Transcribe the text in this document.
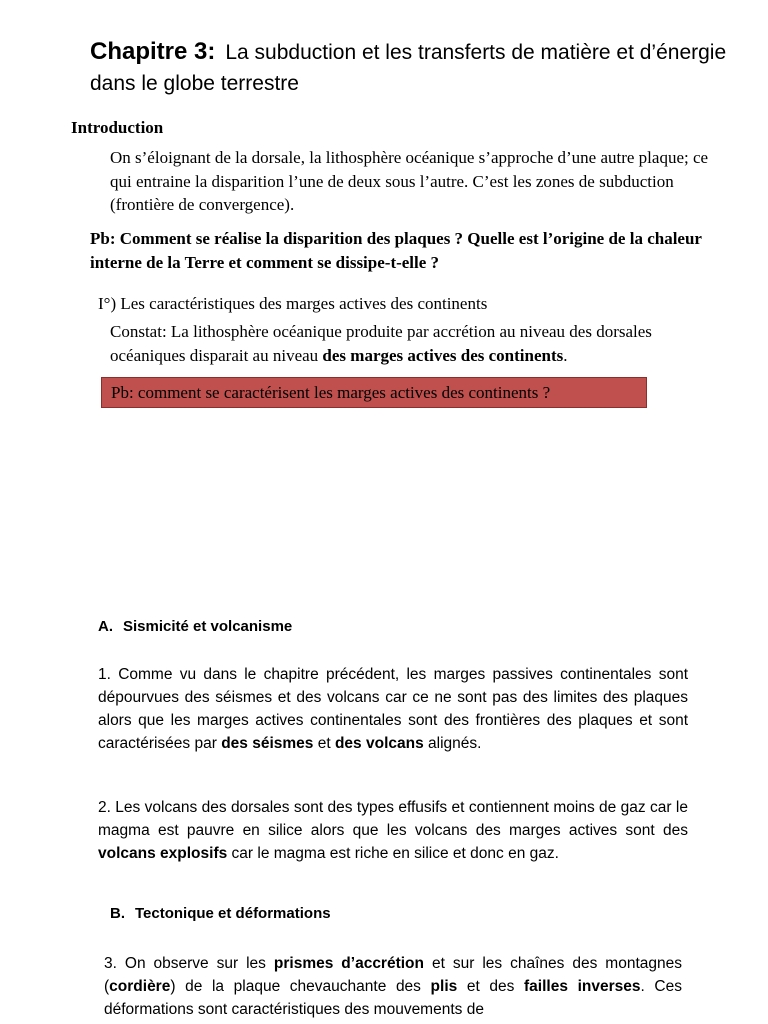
Chapitre 3: La subduction et les transferts de matière et d’énergie dans le globe terrestre
Introduction

On s’éloignant de la dorsale, la lithosphère océanique s’approche d’une autre plaque; ce qui entraine la disparition l’une de deux sous l’autre. C’est les zones de subduction (frontière de convergence).

Pb: Comment se réalise la disparition des plaques ? Quelle est l’origine de la chaleur interne de la Terre et comment se dissipe-t-elle ?

I°) Les caractéristiques des marges actives des continents

Constat: La lithosphère océanique produite par accrétion au niveau des dorsales océaniques disparait au niveau des marges actives des continents.

Pb: comment se caractérisent les marges actives des continents ?

A. Sismicité et volcanisme

1. Comme vu dans le chapitre précédent, les marges passives continentales sont dépourvues des séismes et des volcans car ce ne sont pas des limites des plaques alors que les marges actives continentales sont des frontières des plaques et sont caractérisées par des séismes et des volcans alignés.

2. Les volcans des dorsales sont des types effusifs et contiennent moins de gaz car le magma est pauvre en silice alors que les volcans des marges actives sont des volcans explosifs car le magma est riche en silice et donc en gaz.

B. Tectonique et déformations

3. On observe sur les prismes d’accrétion et sur les chaînes des montagnes (cordière) de la plaque chevauchante des plis et des failles inverses. Ces déformations sont caractéristiques des mouvements de
